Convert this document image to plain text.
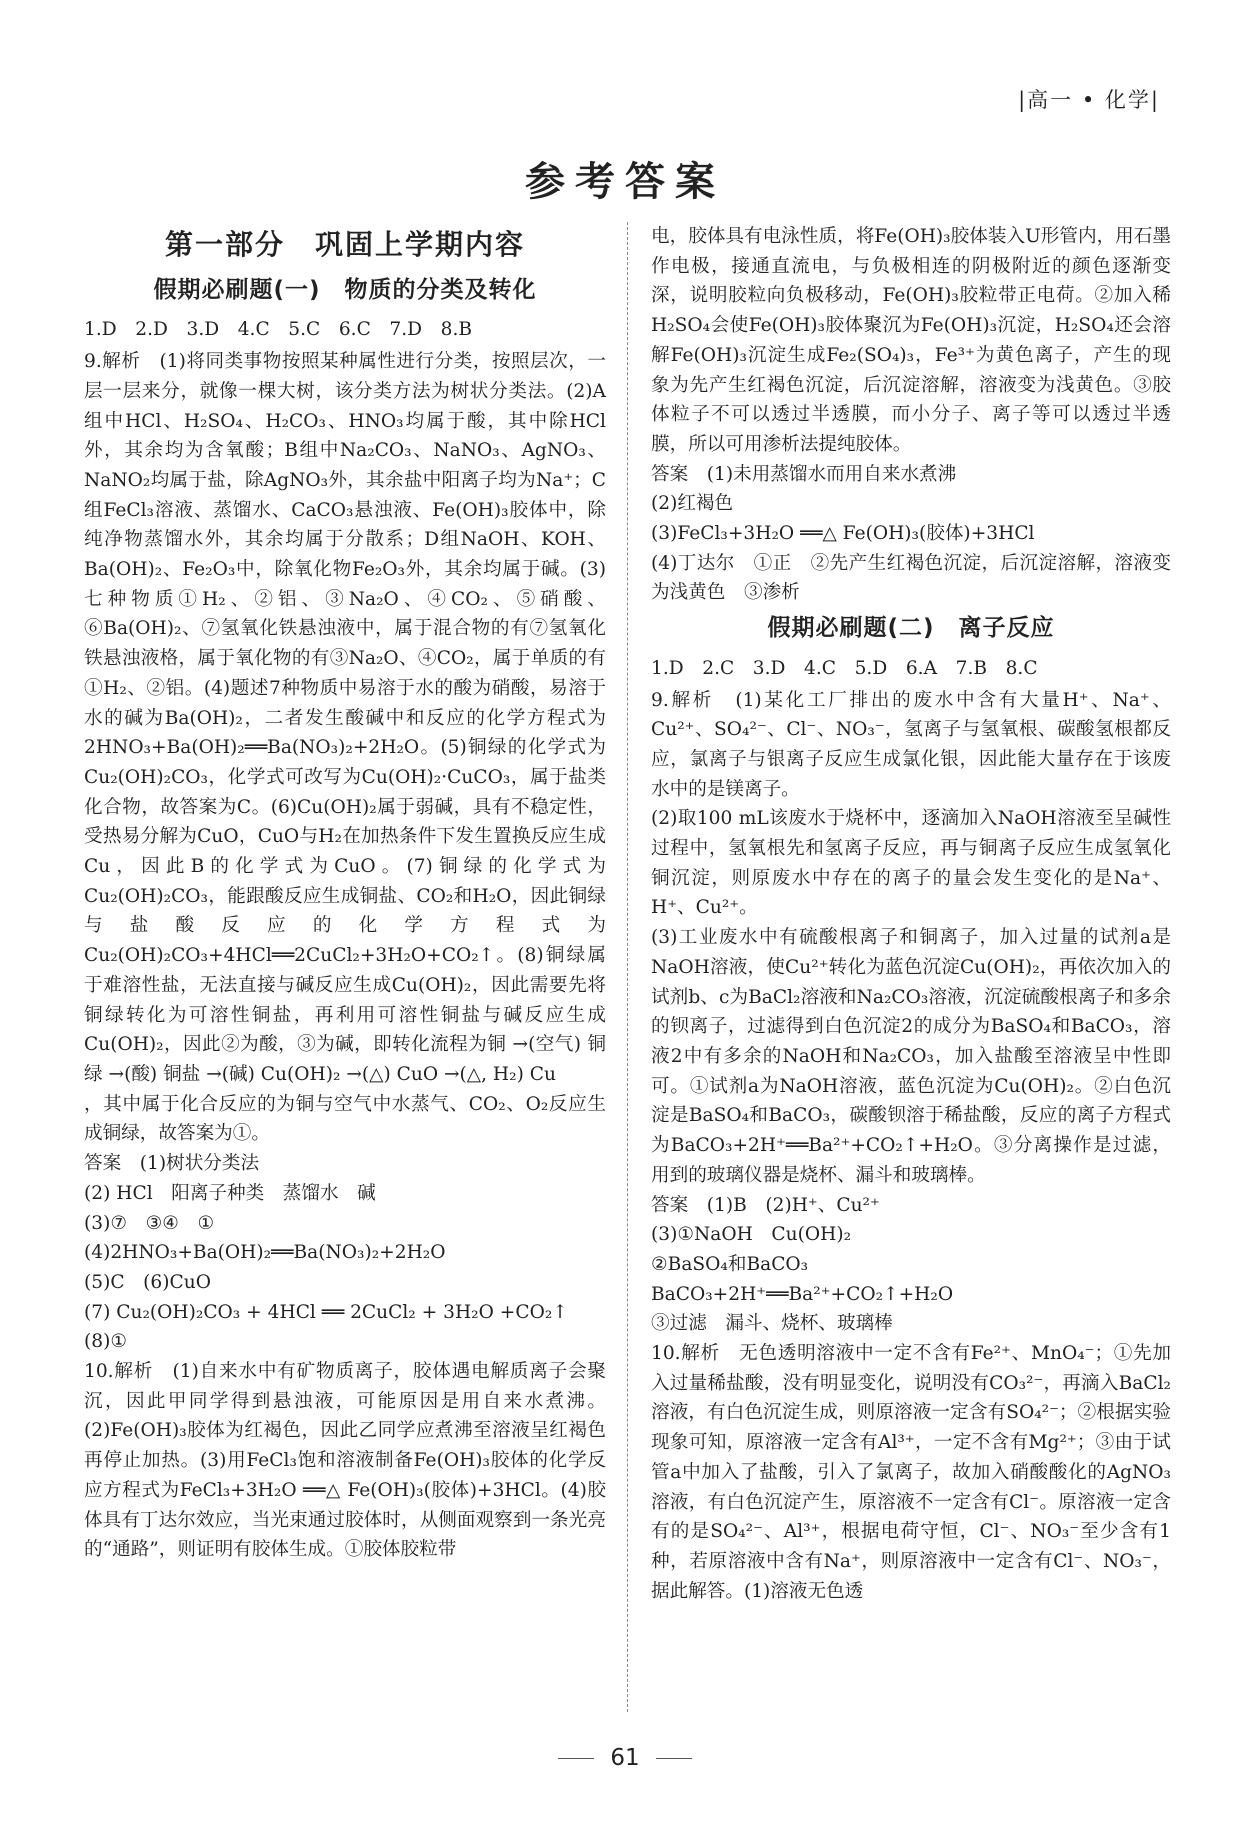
|高一 • 化学|
参考答案
第一部分　巩固上学期内容
假期必刷题(一)　物质的分类及转化

1.D　2.D　3.D　4.C　5.C　6.C　7.D　8.B

9.解析　(1)将同类事物按照某种属性进行分类，按照层次，一层一层来分，就像一棵大树，该分类方法为树状分类法。(2)A组中HCl、H₂SO₄、H₂CO₃、HNO₃均属于酸，其中除HCl外，其余均为含氧酸；B组中Na₂CO₃、NaNO₃、AgNO₃、NaNO₂均属于盐，除AgNO₃外，其余盐中阳离子均为Na⁺；C组FeCl₃溶液、蒸馏水、CaCO₃悬浊液、Fe(OH)₃胶体中，除纯净物蒸馏水外，其余均属于分散系；D组NaOH、KOH、Ba(OH)₂、Fe₂O₃中，除氧化物Fe₂O₃外，其余均属于碱。(3)七种物质①H₂、②铝、③Na₂O、④CO₂、⑤硝酸、⑥Ba(OH)₂、⑦氢氧化铁悬浊液中，属于混合物的有⑦氢氧化铁悬浊液格，属于氧化物的有③Na₂O、④CO₂，属于单质的有①H₂、②铝。(4)题述7种物质中易溶于水的酸为硝酸，易溶于水的碱为Ba(OH)₂，二者发生酸碱中和反应的化学方程式为2HNO₃+Ba(OH)₂══Ba(NO₃)₂+2H₂O。(5)铜绿的化学式为Cu₂(OH)₂CO₃，化学式可改写为Cu(OH)₂·CuCO₃，属于盐类化合物，故答案为C。(6)Cu(OH)₂属于弱碱，具有不稳定性，受热易分解为CuO，CuO与H₂在加热条件下发生置换反应生成Cu，因此B的化学式为CuO。(7)铜绿的化学式为Cu₂(OH)₂CO₃，能跟酸反应生成铜盐、CO₂和H₂O，因此铜绿与盐酸反应的化学方程式为Cu₂(OH)₂CO₃+4HCl══2CuCl₂+3H₂O+CO₂↑。(8)铜绿属于难溶性盐，无法直接与碱反应生成Cu(OH)₂，因此需要先将铜绿转化为可溶性铜盐，再利用可溶性铜盐与碱反应生成Cu(OH)₂，因此②为酸，③为碱，即转化流程为铜 →(空气) 铜绿 →(酸) 铜盐 →(碱) Cu(OH)₂ →(△) CuO →(△, H₂) Cu

，其中属于化合反应的为铜与空气中水蒸气、CO₂、O₂反应生成铜绿，故答案为①。

答案　(1)树状分类法

(2) HCl　阳离子种类　蒸馏水　碱

(3)⑦　③④　①

(4)2HNO₃+Ba(OH)₂══Ba(NO₃)₂+2H₂O

(5)C　(6)CuO

(7) Cu₂(OH)₂CO₃ + 4HCl ══ 2CuCl₂ + 3H₂O +CO₂↑

(8)①

10.解析　(1)自来水中有矿物质离子，胶体遇电解质离子会聚沉，因此甲同学得到悬浊液，可能原因是用自来水煮沸。(2)Fe(OH)₃胶体为红褐色，因此乙同学应煮沸至溶液呈红褐色再停止加热。(3)用FeCl₃饱和溶液制备Fe(OH)₃胶体的化学反应方程式为FeCl₃+3H₂O ══△ Fe(OH)₃(胶体)+3HCl。(4)胶体具有丁达尔效应，当光束通过胶体时，从侧面观察到一条光亮的“通路”，则证明有胶体生成。①胶体胶粒带

电，胶体具有电泳性质，将Fe(OH)₃胶体装入U形管内，用石墨作电极，接通直流电，与负极相连的阴极附近的颜色逐渐变深，说明胶粒向负极移动，Fe(OH)₃胶粒带正电荷。②加入稀H₂SO₄会使Fe(OH)₃胶体聚沉为Fe(OH)₃沉淀，H₂SO₄还会溶解Fe(OH)₃沉淀生成Fe₂(SO₄)₃，Fe³⁺为黄色离子，产生的现象为先产生红褐色沉淀，后沉淀溶解，溶液变为浅黄色。③胶体粒子不可以透过半透膜，而小分子、离子等可以透过半透膜，所以可用渗析法提纯胶体。

答案　(1)未用蒸馏水而用自来水煮沸

(2)红褐色

(3)FeCl₃+3H₂O ══△ Fe(OH)₃(胶体)+3HCl

(4)丁达尔　①正　②先产生红褐色沉淀，后沉淀溶解，溶液变为浅黄色　③渗析

假期必刷题(二)　离子反应

1.D　2.C　3.D　4.C　5.D　6.A　7.B　8.C

9.解析　(1)某化工厂排出的废水中含有大量H⁺、Na⁺、Cu²⁺、SO₄²⁻、Cl⁻、NO₃⁻，氢离子与氢氧根、碳酸氢根都反应，氯离子与银离子反应生成氯化银，因此能大量存在于该废水中的是镁离子。

(2)取100 mL该废水于烧杯中，逐滴加入NaOH溶液至呈碱性过程中，氢氧根先和氢离子反应，再与铜离子反应生成氢氧化铜沉淀，则原废水中存在的离子的量会发生变化的是Na⁺、H⁺、Cu²⁺。

(3)工业废水中有硫酸根离子和铜离子，加入过量的试剂a是NaOH溶液，使Cu²⁺转化为蓝色沉淀Cu(OH)₂，再依次加入的试剂b、c为BaCl₂溶液和Na₂CO₃溶液，沉淀硫酸根离子和多余的钡离子，过滤得到白色沉淀2的成分为BaSO₄和BaCO₃，溶液2中有多余的NaOH和Na₂CO₃，加入盐酸至溶液呈中性即可。①试剂a为NaOH溶液，蓝色沉淀为Cu(OH)₂。②白色沉淀是BaSO₄和BaCO₃，碳酸钡溶于稀盐酸，反应的离子方程式为BaCO₃+2H⁺══Ba²⁺+CO₂↑+H₂O。③分离操作是过滤，用到的玻璃仪器是烧杯、漏斗和玻璃棒。

答案　(1)B　(2)H⁺、Cu²⁺

(3)①NaOH　Cu(OH)₂

②BaSO₄和BaCO₃

BaCO₃+2H⁺══Ba²⁺+CO₂↑+H₂O

③过滤　漏斗、烧杯、玻璃棒

10.解析　无色透明溶液中一定不含有Fe²⁺、MnO₄⁻；①先加入过量稀盐酸，没有明显变化，说明没有CO₃²⁻，再滴入BaCl₂溶液，有白色沉淀生成，则原溶液一定含有SO₄²⁻；②根据实验现象可知，原溶液一定含有Al³⁺，一定不含有Mg²⁺；③由于试管a中加入了盐酸，引入了氯离子，故加入硝酸酸化的AgNO₃溶液，有白色沉淀产生，原溶液不一定含有Cl⁻。原溶液一定含有的是SO₄²⁻、Al³⁺，根据电荷守恒，Cl⁻、NO₃⁻至少含有1种，若原溶液中含有Na⁺，则原溶液中一定含有Cl⁻、NO₃⁻，据此解答。(1)溶液无色透

61
